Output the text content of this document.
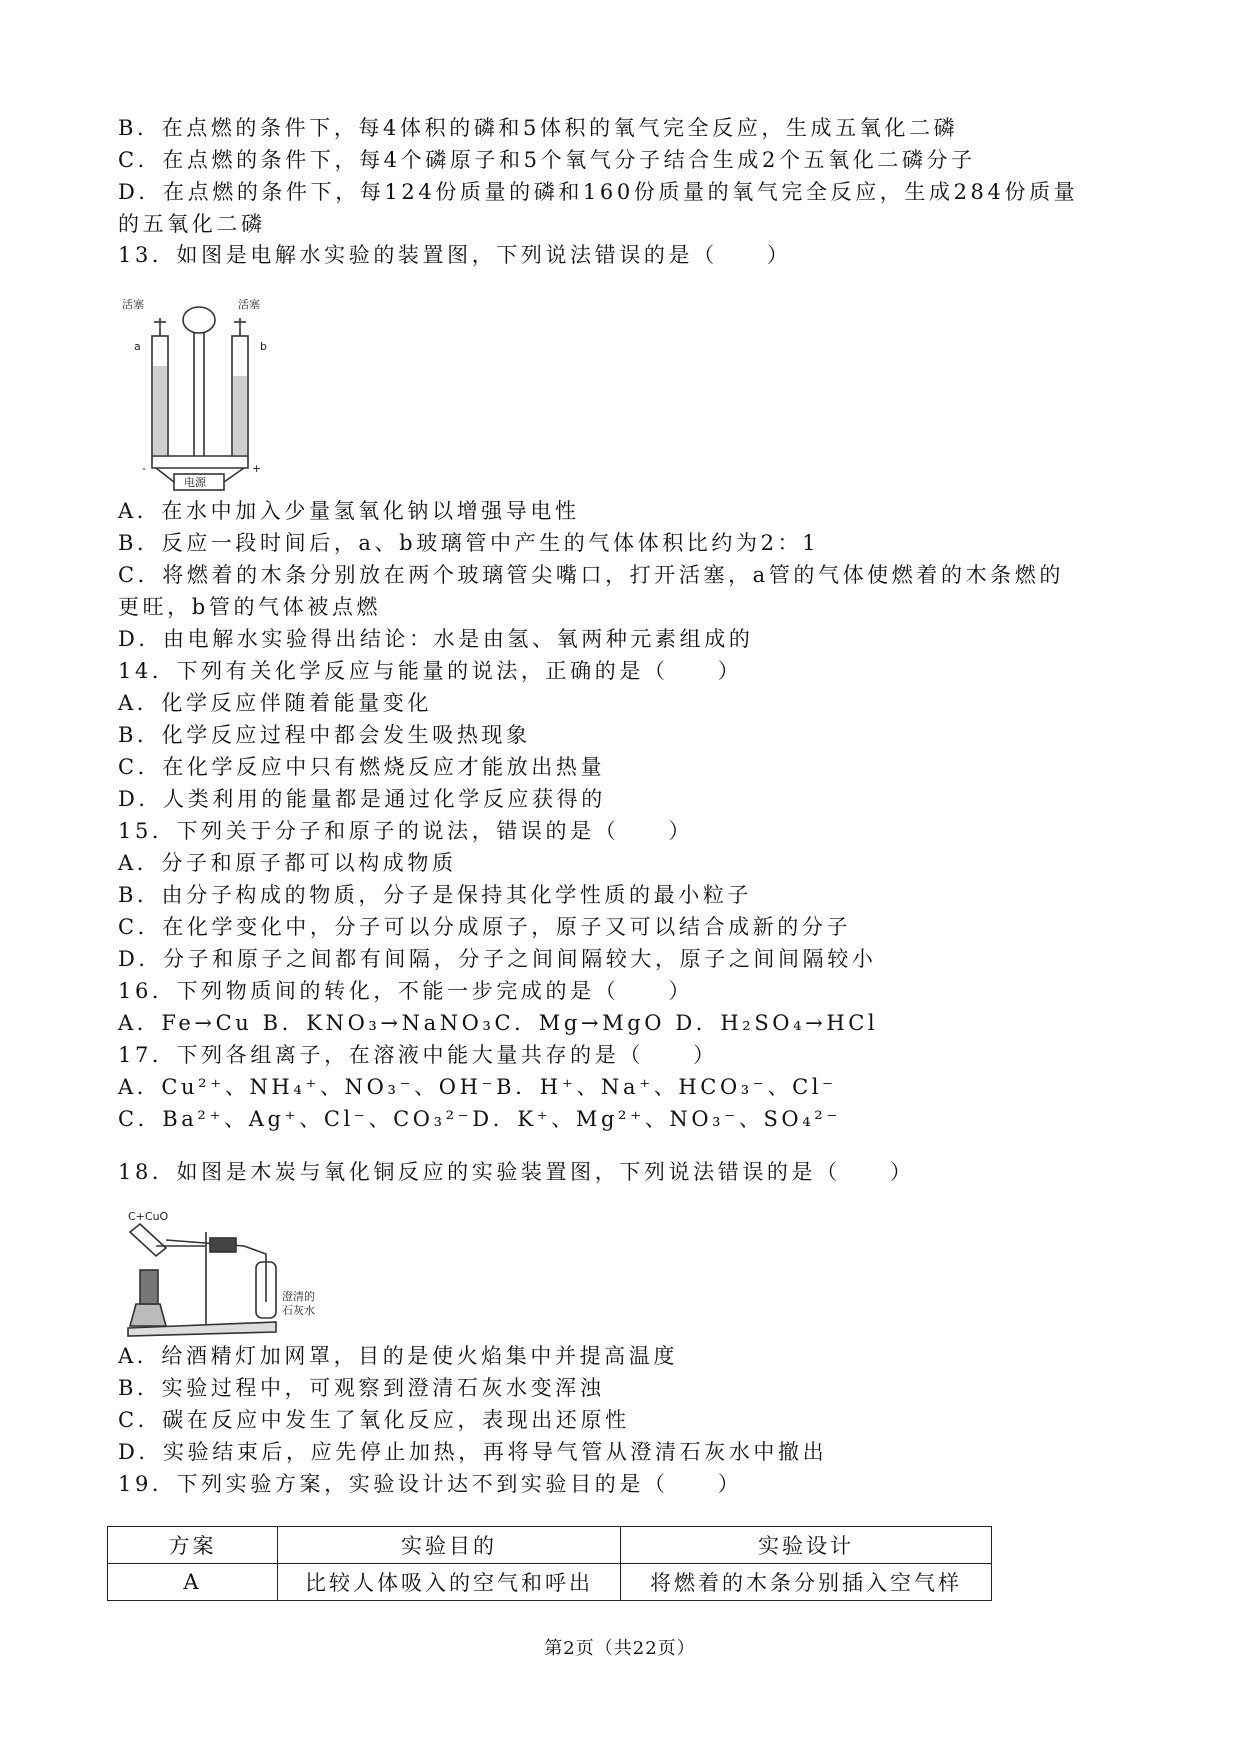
B．在点燃的条件下，每4体积的磷和5体积的氧气完全反应，生成五氧化二磷
C．在点燃的条件下，每4个磷原子和5个氧气分子结合生成2个五氧化二磷分子
D．在点燃的条件下，每124份质量的磷和160份质量的氧气完全反应，生成284份质量
的五氧化二磷
13．如图是电解水实验的装置图，下列说法错误的是（　　）
A．在水中加入少量氢氧化钠以增强导电性
B．反应一段时间后，a、b玻璃管中产生的气体体积比约为2：1
C．将燃着的木条分别放在两个玻璃管尖嘴口，打开活塞，a管的气体使燃着的木条燃的
更旺，b管的气体被点燃
D．由电解水实验得出结论：水是由氢、氧两种元素组成的
14．下列有关化学反应与能量的说法，正确的是（　　）
A．化学反应伴随着能量变化
B．化学反应过程中都会发生吸热现象
C．在化学反应中只有燃烧反应才能放出热量
D．人类利用的能量都是通过化学反应获得的
15．下列关于分子和原子的说法，错误的是（　　）
A．分子和原子都可以构成物质
B．由分子构成的物质，分子是保持其化学性质的最小粒子
C．在化学变化中，分子可以分成原子，原子又可以结合成新的分子
D．分子和原子之间都有间隔，分子之间间隔较大，原子之间间隔较小
16．下列物质间的转化，不能一步完成的是（　　）
A．Fe→Cu B．KNO₃→NaNO₃C．Mg→MgO D．H₂SO₄→HCl
17．下列各组离子，在溶液中能大量共存的是（　　）
A．Cu²⁺、NH₄⁺、NO₃⁻、OH⁻B．H⁺、Na⁺、HCO₃⁻、Cl⁻
C．Ba²⁺、Ag⁺、Cl⁻、CO₃²⁻D．K⁺、Mg²⁺、NO₃⁻、SO₄²⁻
18．如图是木炭与氧化铜反应的实验装置图，下列说法错误的是（　　）
A．给酒精灯加网罩，目的是使火焰集中并提高温度
B．实验过程中，可观察到澄清石灰水变浑浊
C．碳在反应中发生了氧化反应，表现出还原性
D．实验结束后，应先停止加热，再将导气管从澄清石灰水中撤出
19．下列实验方案，实验设计达不到实验目的是（　　）
活塞	活塞
a	b
-	+
电源
C+CuO
澄清的
石灰水
方案	实验目的	实验设计
A	比较人体吸入的空气和呼出	将燃着的木条分别插入空气样
第2页（共22页）
